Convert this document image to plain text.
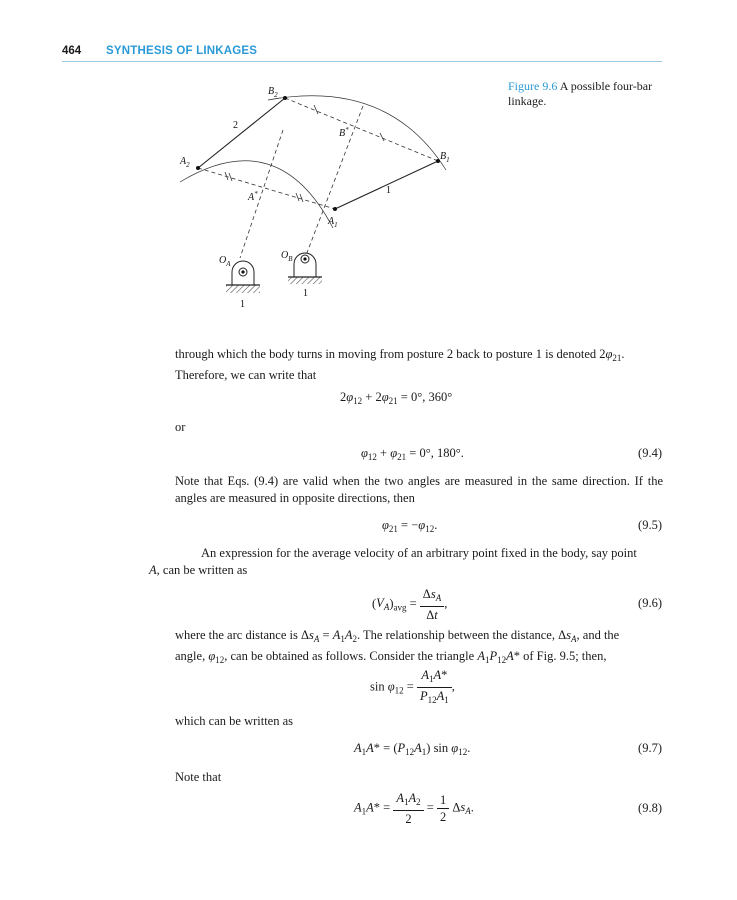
464 SYNTHESIS OF LINKAGES
$B_2$
$A_2$
$B_1$
$A_1$
B*
A*
$O_A$
$O_B$
2
1
1
1
Figure 9.6 A possible four-bar linkage.
through which the body turns in moving from posture 2 back to posture 1 is denoted $2\varphi_{21}$.
Therefore, we can write that
$2\varphi_{12} + 2\varphi_{21} = 0^\circ$, 360°
or
$\varphi_{12} + \varphi_{21} = 0^\circ$, 180°.	(9.4)
Note that Eqs. (9.4) are valid when the two angles are measured in the same direction. If the angles are measured in opposite directions, then
$\varphi_{21} = -\varphi_{12}$.	(9.5)
An expression for the average velocity of an arbitrary point fixed in the body, say point
A, can be written as
$(V_A)_{avg} = \frac{\Delta s_A}{\Delta t}$ ,	(9.6)
where the arc distance is $\Delta s_A = A_1A_2$. The relationship between the distance, $\Delta s_A$, and the
angle, $\varphi_{12}$, can be obtained as follows. Consider the triangle $A_1P_{12}A*$ of Fig. 9.5; then,
$\sin \varphi_{12} = \frac{A_1A*}{P_{12}A_1}$ ,
which can be written as
$A_1A* = (P_{12}A_1)$ $\sin \varphi_{12}$.	(9.7)
Note that
$A_1A* = \frac{A_1A_2}{2} = \frac{1}{2} \Delta s_A$.	(9.8)
